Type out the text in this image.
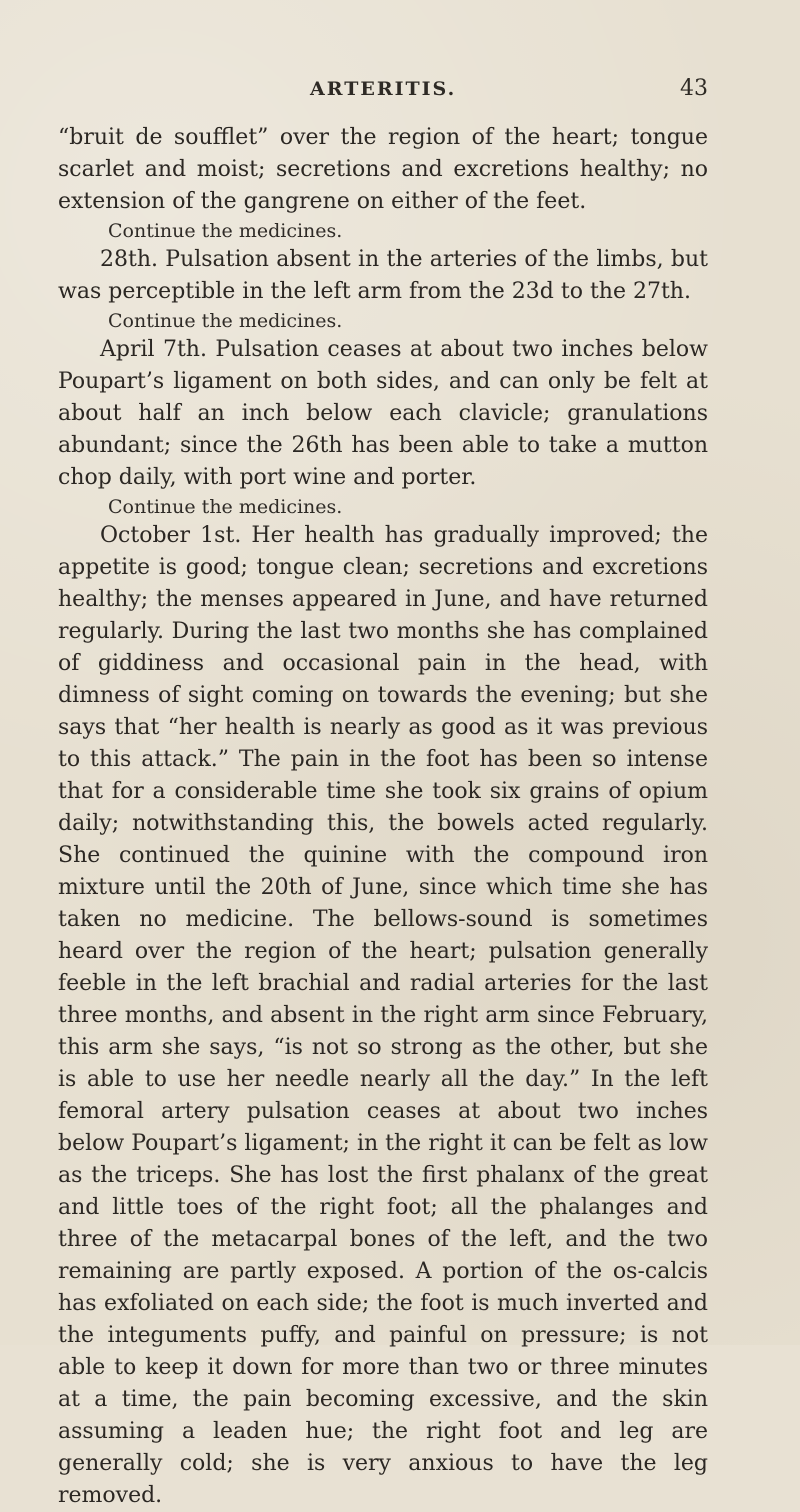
ARTERITIS.	43

“bruit de soufflet” over the region of the heart; tongue scarlet and moist; secretions and excretions healthy; no extension of the gangrene on either of the feet.

Continue the medicines.

28th. Pulsation absent in the arteries of the limbs, but was perceptible in the left arm from the 23d to the 27th.

Continue the medicines.

April 7th. Pulsation ceases at about two inches below Poupart’s ligament on both sides, and can only be felt at about half an inch below each clavicle; granulations abundant; since the 26th has been able to take a mutton chop daily, with port wine and porter.

Continue the medicines.

October 1st. Her health has gradually improved; the appetite is good; tongue clean; secretions and excretions healthy; the menses appeared in June, and have returned regularly. During the last two months she has complained of giddiness and occasional pain in the head, with dimness of sight coming on towards the evening; but she says that “her health is nearly as good as it was previous to this attack.” The pain in the foot has been so intense that for a considerable time she took six grains of opium daily; notwithstanding this, the bowels acted regularly. She continued the quinine with the compound iron mixture until the 20th of June, since which time she has taken no medicine. The bellows-sound is sometimes heard over the region of the heart; pulsation generally feeble in the left brachial and radial arteries for the last three months, and absent in the right arm since February, this arm she says, “is not so strong as the other, but she is able to use her needle nearly all the day.” In the left femoral artery pulsation ceases at about two inches below Poupart’s ligament; in the right it can be felt as low as the triceps. She has lost the first phalanx of the great and little toes of the right foot; all the phalanges and three of the metacarpal bones of the left, and the two remaining are partly exposed. A portion of the os-calcis has exfoliated on each side; the foot is much inverted and the integuments puffy, and painful on pressure; is not able to keep it down for more than two or three minutes at a time, the pain becoming excessive, and the skin assuming a leaden hue; the right foot and leg are generally cold; she is very anxious to have the leg removed.
